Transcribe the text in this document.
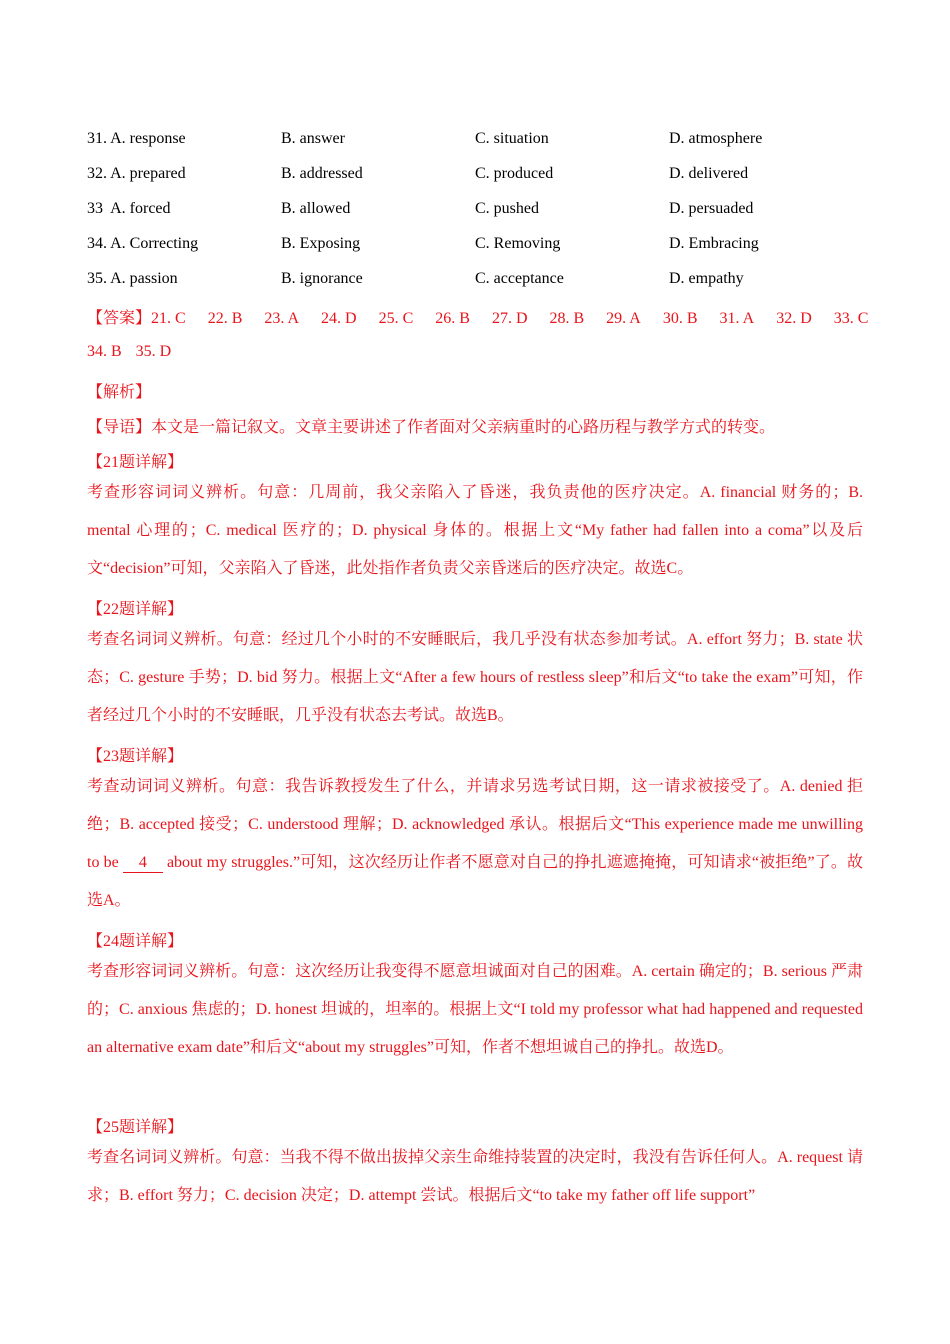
31. A. response	B. answer	C. situation	D. atmosphere
32. A. prepared	B. addressed	C. produced	D. delivered
33  A. forced	B. allowed	C. pushed	D. persuaded
34. A. Correcting	B. Exposing	C. Removing	D. Embracing
35. A. passion	B. ignorance	C. acceptance	D. empathy
【答案】21. C 22. B 23. A 24. D 25. C 26. B 27. D 28. B 29. A 30. B 31. A 32. D 33. C
34. B 35. D
【解析】
【导语】本文是一篇记叙文。文章主要讲述了作者面对父亲病重时的心路历程与教学方式的转变。
【21题详解】
考查形容词词义辨析。句意：几周前，我父亲陷入了昏迷，我负责他的医疗决定。A. financial 财务的；B. mental 心理的；C. medical 医疗的；D. physical 身体的。根据上文“My father had fallen into a coma”以及后文“decision”可知，父亲陷入了昏迷，此处指作者负责父亲昏迷后的医疗决定。故选C。
【22题详解】
考查名词词义辨析。句意：经过几个小时的不安睡眠后，我几乎没有状态参加考试。A. effort 努力；B. state 状态；C. gesture 手势；D. bid 努力。根据上文“After a few hours of restless sleep”和后文“to take the exam”可知，作者经过几个小时的不安睡眠，几乎没有状态去考试。故选B。
【23题详解】
考查动词词义辨析。句意：我告诉教授发生了什么，并请求另选考试日期，这一请求被接受了。A. denied 拒绝；B. accepted 接受；C. understood 理解；D. acknowledged 承认。根据后文“This experience made me unwilling to be 4 about my struggles.”可知，这次经历让作者不愿意对自己的挣扎遮遮掩掩，可知请求“被拒绝”了。故选A。
【24题详解】
考查形容词词义辨析。句意：这次经历让我变得不愿意坦诚面对自己的困难。A. certain 确定的；B. serious 严肃的；C. anxious 焦虑的；D. honest 坦诚的，坦率的。根据上文“I told my professor what had happened and requested an alternative exam date”和后文“about my struggles”可知，作者不想坦诚自己的挣扎。故选D。
【25题详解】
考查名词词义辨析。句意：当我不得不做出拔掉父亲生命维持装置的决定时，我没有告诉任何人。A. request 请求；B. effort 努力；C. decision 决定；D. attempt 尝试。根据后文“to take my father off life support”
